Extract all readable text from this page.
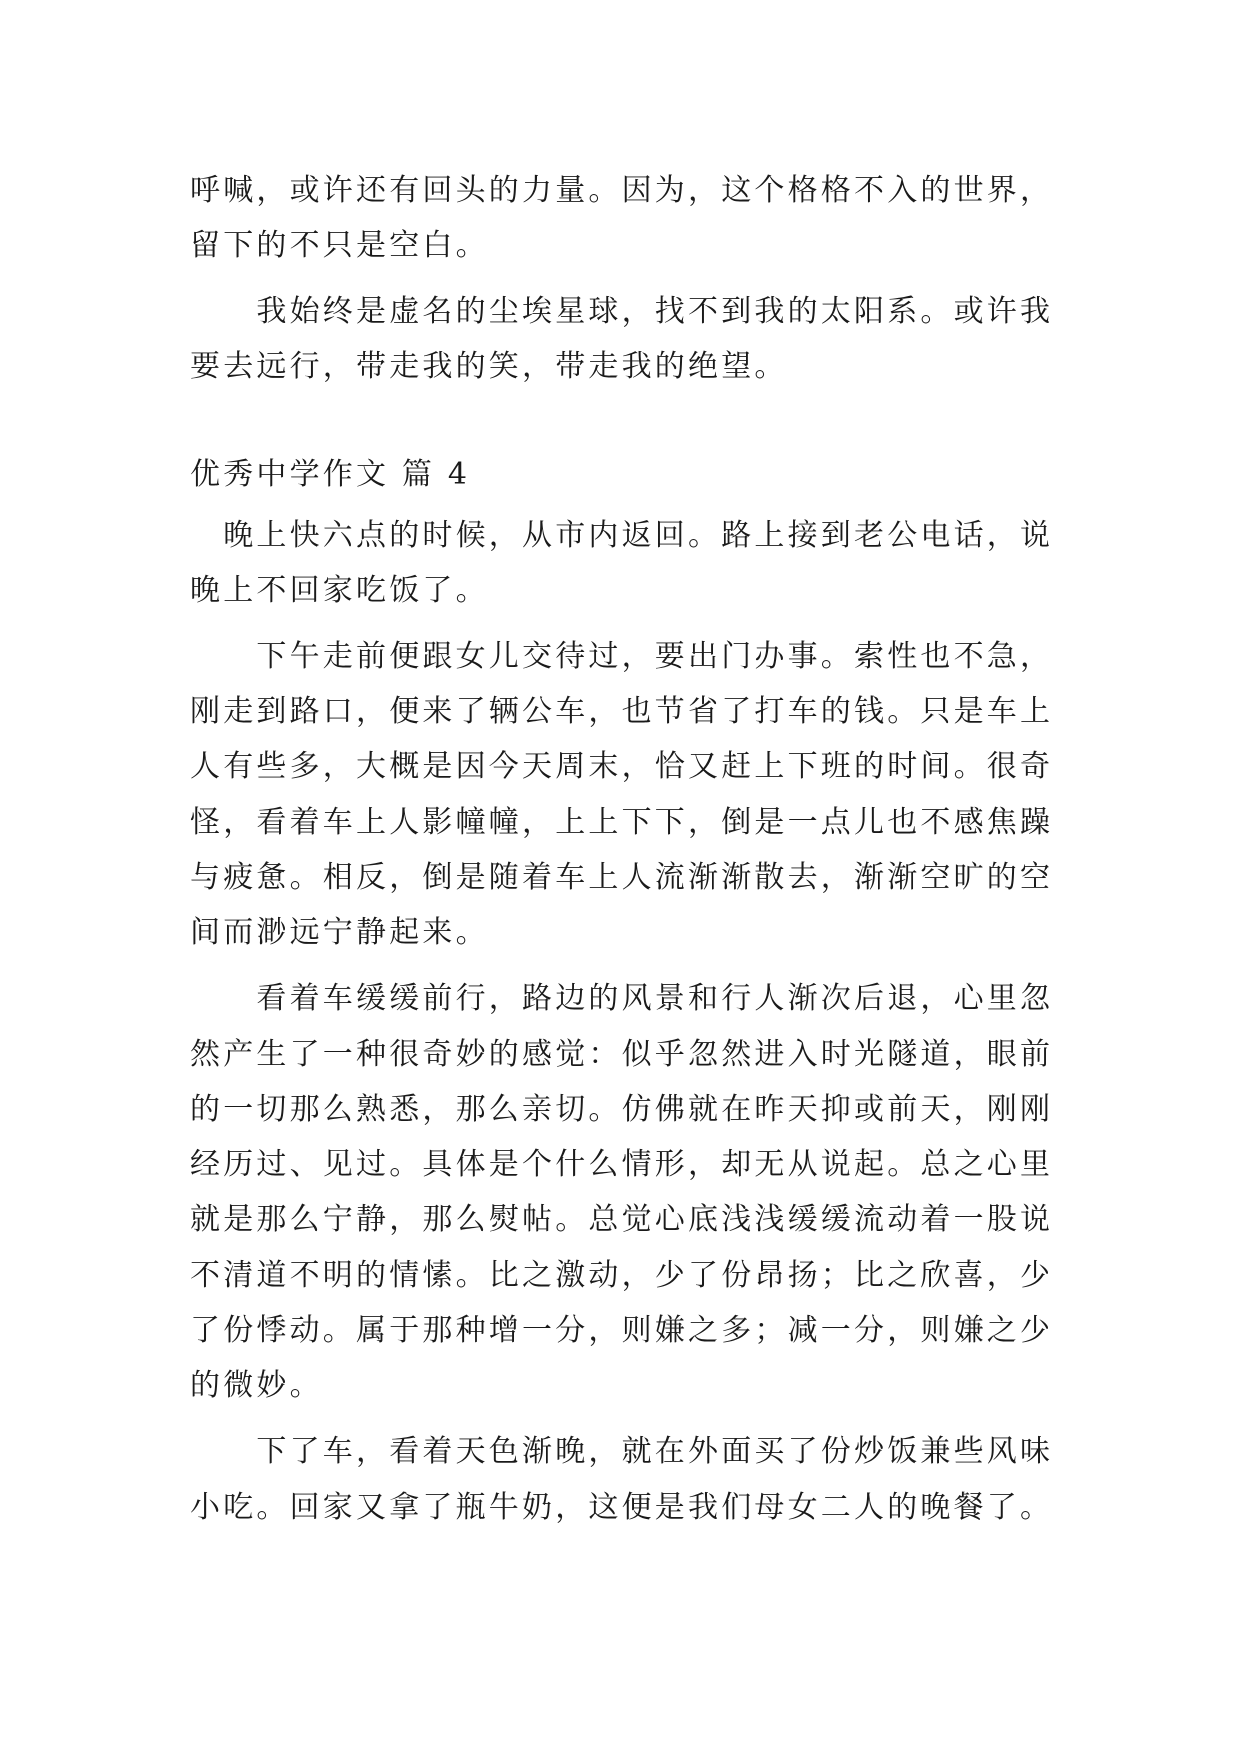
呼喊，或许还有回头的力量。因为，这个格格不入的世界，

留下的不只是空白。

　　我始终是虚名的尘埃星球，找不到我的太阳系。或许我

要去远行，带走我的笑，带走我的绝望。

优秀中学作文 篇 4

　晚上快六点的时候，从市内返回。路上接到老公电话，说

晚上不回家吃饭了。

　　下午走前便跟女儿交待过，要出门办事。索性也不急，

刚走到路口，便来了辆公车，也节省了打车的钱。只是车上

人有些多，大概是因今天周末，恰又赶上下班的时间。很奇

怪，看着车上人影幢幢，上上下下，倒是一点儿也不感焦躁

与疲惫。相反，倒是随着车上人流渐渐散去，渐渐空旷的空

间而渺远宁静起来。

　　看着车缓缓前行，路边的风景和行人渐次后退，心里忽

然产生了一种很奇妙的感觉：似乎忽然进入时光隧道，眼前

的一切那么熟悉，那么亲切。仿佛就在昨天抑或前天，刚刚

经历过、见过。具体是个什么情形，却无从说起。总之心里

就是那么宁静，那么熨帖。总觉心底浅浅缓缓流动着一股说

不清道不明的情愫。比之激动，少了份昂扬；比之欣喜，少

了份悸动。属于那种增一分，则嫌之多；减一分，则嫌之少

的微妙。

　　下了车，看着天色渐晚，就在外面买了份炒饭兼些风味

小吃。回家又拿了瓶牛奶，这便是我们母女二人的晚餐了。
